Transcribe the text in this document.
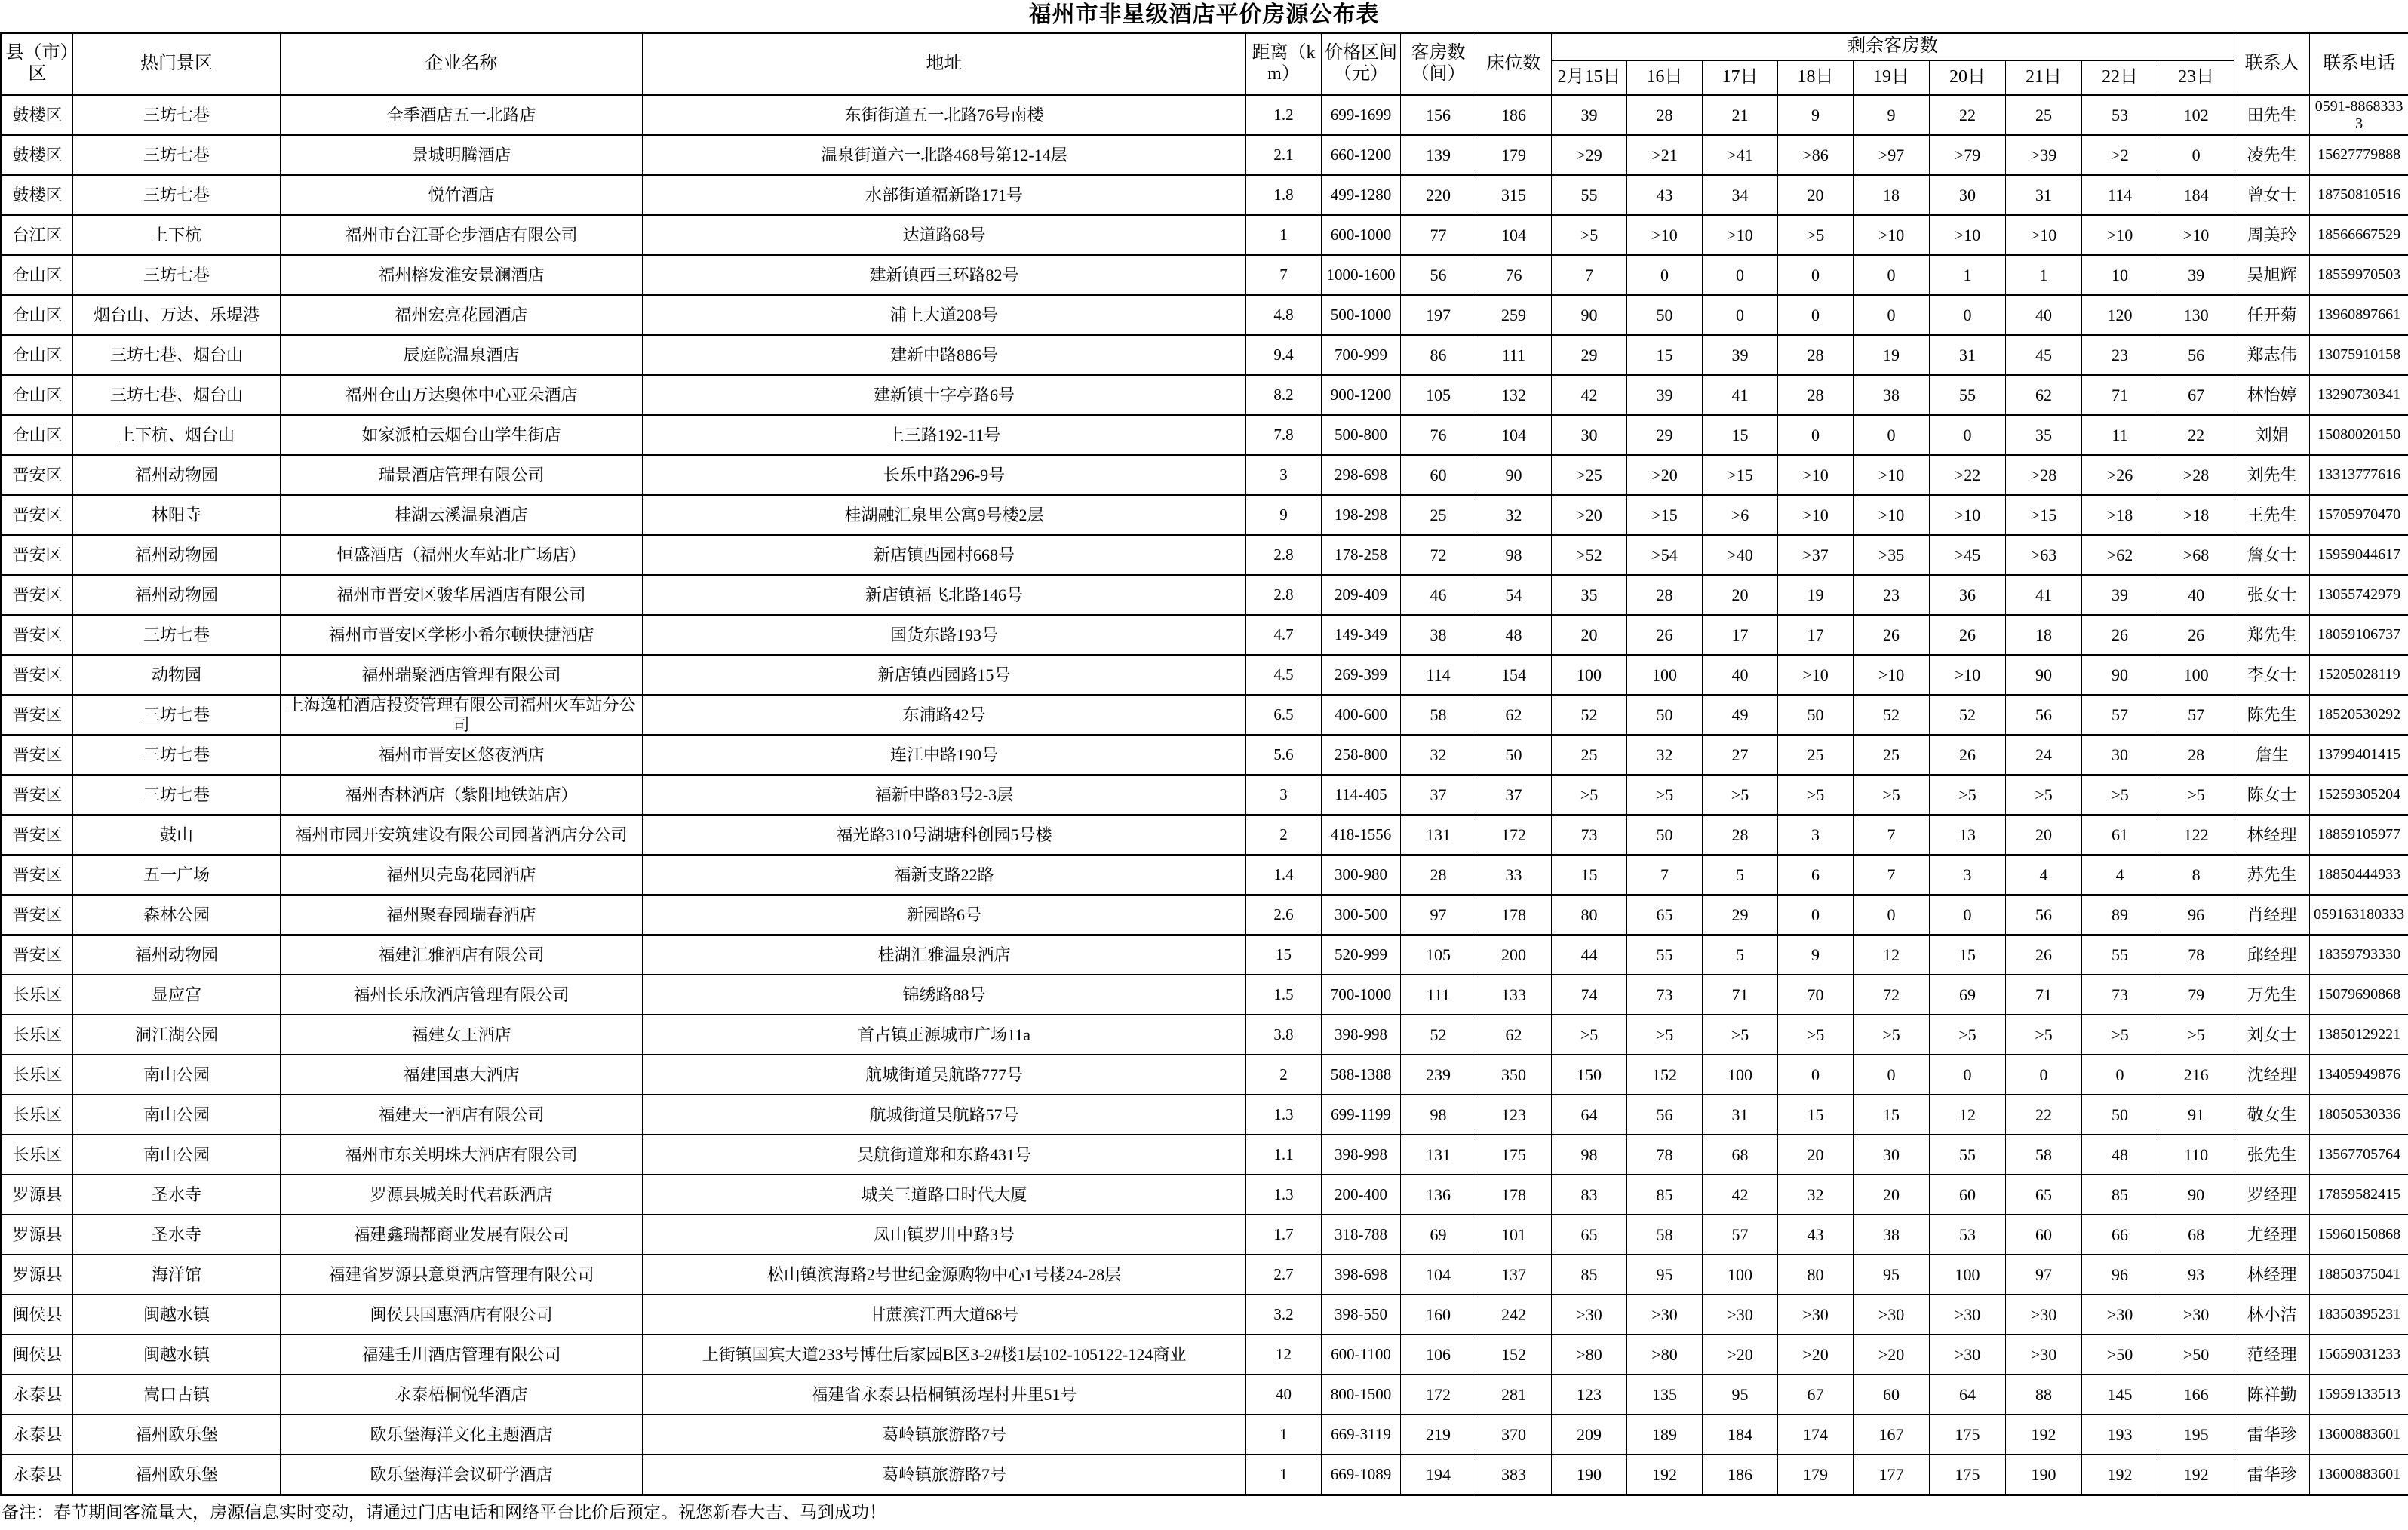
福州市非星级酒店平价房源公布表
县（市）区	热门景区	企业名称	地址	距离（km）	价格区间（元）	客房数（间）	床位数	剩余客房数									联系人	联系电话
								2月15日	16日	17日	18日	19日	20日	21日	22日	23日		
鼓楼区	三坊七巷	全季酒店五一北路店	东街街道五一北路76号南楼	1.2	699-1699	156	186	39	28	21	9	9	22	25	53	102	田先生	0591-88683333
鼓楼区	三坊七巷	景城明腾酒店	温泉街道六一北路468号第12-14层	2.1	660-1200	139	179	>29	>21	>41	>86	>97	>79	>39	>2	0	凌先生	15627779888
鼓楼区	三坊七巷	悦竹酒店	水部街道福新路171号	1.8	499-1280	220	315	55	43	34	20	18	30	31	114	184	曾女士	18750810516
台江区	上下杭	福州市台江哥仑步酒店有限公司	达道路68号	1	600-1000	77	104	>5	>10	>10	>5	>10	>10	>10	>10	>10	周美玲	18566667529
仓山区	三坊七巷	福州榕发淮安景澜酒店	建新镇西三环路82号	7	1000-1600	56	76	7	0	0	0	0	1	1	10	39	吴旭辉	18559970503
仓山区	烟台山、万达、乐堤港	福州宏亮花园酒店	浦上大道208号	4.8	500-1000	197	259	90	50	0	0	0	0	40	120	130	任开菊	13960897661
仓山区	三坊七巷、烟台山	辰庭院温泉酒店	建新中路886号	9.4	700-999	86	111	29	15	39	28	19	31	45	23	56	郑志伟	13075910158
仓山区	三坊七巷、烟台山	福州仓山万达奥体中心亚朵酒店	建新镇十字亭路6号	8.2	900-1200	105	132	42	39	41	28	38	55	62	71	67	林怡婷	13290730341
仓山区	上下杭、烟台山	如家派柏云烟台山学生街店	上三路192-11号	7.8	500-800	76	104	30	29	15	0	0	0	35	11	22	刘娟	15080020150
晋安区	福州动物园	瑞景酒店管理有限公司	长乐中路296-9号	3	298-698	60	90	>25	>20	>15	>10	>10	>22	>28	>26	>28	刘先生	13313777616
晋安区	林阳寺	桂湖云溪温泉酒店	桂湖融汇泉里公寓9号楼2层	9	198-298	25	32	>20	>15	>6	>10	>10	>10	>15	>18	>18	王先生	15705970470
晋安区	福州动物园	恒盛酒店（福州火车站北广场店）	新店镇西园村668号	2.8	178-258	72	98	>52	>54	>40	>37	>35	>45	>63	>62	>68	詹女士	15959044617
晋安区	福州动物园	福州市晋安区骏华居酒店有限公司	新店镇福飞北路146号	2.8	209-409	46	54	35	28	20	19	23	36	41	39	40	张女士	13055742979
晋安区	三坊七巷	福州市晋安区学彬小希尔顿快捷酒店	国货东路193号	4.7	149-349	38	48	20	26	17	17	26	26	18	26	26	郑先生	18059106737
晋安区	动物园	福州瑞聚酒店管理有限公司	新店镇西园路15号	4.5	269-399	114	154	100	100	40	>10	>10	>10	90	90	100	李女士	15205028119
晋安区	三坊七巷	上海逸柏酒店投资管理有限公司福州火车站分公司	东浦路42号	6.5	400-600	58	62	52	50	49	50	52	52	56	57	57	陈先生	18520530292
晋安区	三坊七巷	福州市晋安区悠夜酒店	连江中路190号	5.6	258-800	32	50	25	32	27	25	25	26	24	30	28	詹生	13799401415
晋安区	三坊七巷	福州杏林酒店（紫阳地铁站店）	福新中路83号2-3层	3	114-405	37	37	>5	>5	>5	>5	>5	>5	>5	>5	>5	陈女士	15259305204
晋安区	鼓山	福州市园开安筑建设有限公司园著酒店分公司	福光路310号湖塘科创园5号楼	2	418-1556	131	172	73	50	28	3	7	13	20	61	122	林经理	18859105977
晋安区	五一广场	福州贝壳岛花园酒店	福新支路22路	1.4	300-980	28	33	15	7	5	6	7	3	4	4	8	苏先生	18850444933
晋安区	森林公园	福州聚春园瑞春酒店	新园路6号	2.6	300-500	97	178	80	65	29	0	0	0	56	89	96	肖经理	059163180333
晋安区	福州动物园	福建汇雅酒店有限公司	桂湖汇雅温泉酒店	15	520-999	105	200	44	55	5	9	12	15	26	55	78	邱经理	18359793330
长乐区	显应宫	福州长乐欣酒店管理有限公司	锦绣路88号	1.5	700-1000	111	133	74	73	71	70	72	69	71	73	79	万先生	15079690868
长乐区	洞江湖公园	福建女王酒店	首占镇正源城市广场11a	3.8	398-998	52	62	>5	>5	>5	>5	>5	>5	>5	>5	>5	刘女士	13850129221
长乐区	南山公园	福建国惠大酒店	航城街道吴航路777号	2	588-1388	239	350	150	152	100	0	0	0	0	0	216	沈经理	13405949876
长乐区	南山公园	福建天一酒店有限公司	航城街道吴航路57号	1.3	699-1199	98	123	64	56	31	15	15	12	22	50	91	敬女生	18050530336
长乐区	南山公园	福州市东关明珠大酒店有限公司	吴航街道郑和东路431号	1.1	398-998	131	175	98	78	68	20	30	55	58	48	110	张先生	13567705764
罗源县	圣水寺	罗源县城关时代君跃酒店	城关三道路口时代大厦	1.3	200-400	136	178	83	85	42	32	20	60	65	85	90	罗经理	17859582415
罗源县	圣水寺	福建鑫瑞都商业发展有限公司	凤山镇罗川中路3号	1.7	318-788	69	101	65	58	57	43	38	53	60	66	68	尤经理	15960150868
罗源县	海洋馆	福建省罗源县意巢酒店管理有限公司	松山镇滨海路2号世纪金源购物中心1号楼24-28层	2.7	398-698	104	137	85	95	100	80	95	100	97	96	93	林经理	18850375041
闽侯县	闽越水镇	闽侯县国惠酒店有限公司	甘蔗滨江西大道68号	3.2	398-550	160	242	>30	>30	>30	>30	>30	>30	>30	>30	>30	林小洁	18350395231
闽侯县	闽越水镇	福建壬川酒店管理有限公司	上街镇国宾大道233号博仕后家园B区3-2#楼1层102-105122-124商业	12	600-1100	106	152	>80	>80	>20	>20	>20	>30	>30	>50	>50	范经理	15659031233
永泰县	嵩口古镇	永泰梧桐悦华酒店	福建省永泰县梧桐镇汤埕村井里51号	40	800-1500	172	281	123	135	95	67	60	64	88	145	166	陈祥勤	15959133513
永泰县	福州欧乐堡	欧乐堡海洋文化主题酒店	葛岭镇旅游路7号	1	669-3119	219	370	209	189	184	174	167	175	192	193	195	雷华珍	13600883601
永泰县	福州欧乐堡	欧乐堡海洋会议研学酒店	葛岭镇旅游路7号	1	669-1089	194	383	190	192	186	179	177	175	190	192	192	雷华珍	13600883601
备注：春节期间客流量大，房源信息实时变动，请通过门店电话和网络平台比价后预定。祝您新春大吉、马到成功！
